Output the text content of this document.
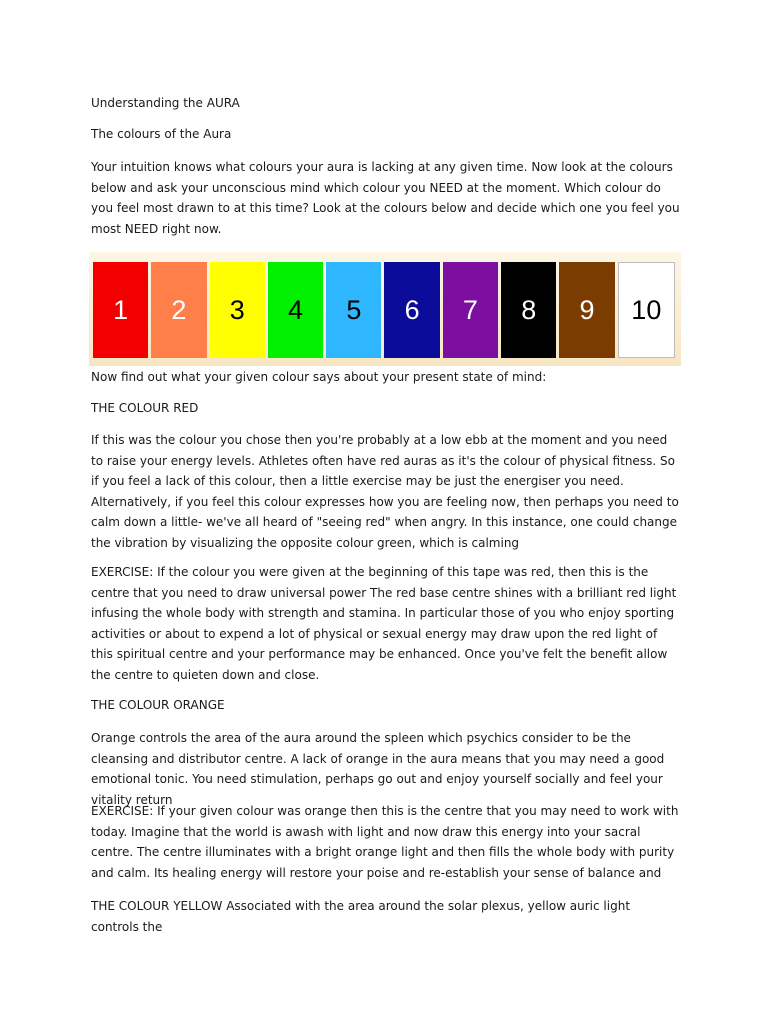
Understanding the AURA

The colours of the Aura

Your intuition knows what colours your aura is lacking at any given time. Now look at the colours below and ask your unconscious mind which colour you NEED at the moment. Which colour do you feel most drawn to at this time? Look at the colours below and decide which one you feel you most NEED right now.

1	2	3	4	5	6	7	8	9	10

Now find out what your given colour says about your present state of mind:

THE COLOUR RED

If this was the colour you chose then you're probably at a low ebb at the moment and you need to raise your energy levels. Athletes often have red auras as it's the colour of physical fitness. So if you feel a lack of this colour, then a little exercise may be just the energiser you need. Alternatively, if you feel this colour expresses how you are feeling now, then perhaps you need to calm down a little- we've all heard of "seeing red" when angry. In this instance, one could change the vibration by visualizing the opposite colour green, which is calming

EXERCISE: If the colour you were given at the beginning of this tape was red, then this is the centre that you need to draw universal power The red base centre shines with a brilliant red light infusing the whole body with strength and stamina. In particular those of you who enjoy sporting activities or about to expend a lot of physical or sexual energy may draw upon the red light of this spiritual centre and your performance may be enhanced. Once you've felt the benefit allow the centre to quieten down and close.

THE COLOUR ORANGE

Orange controls the area of the aura around the spleen which psychics consider to be the cleansing and distributor centre. A lack of orange in the aura means that you may need a good emotional tonic. You need stimulation, perhaps go out and enjoy yourself socially and feel your vitality return

EXERCISE: If your given colour was orange then this is the centre that you may need to work with today. Imagine that the world is awash with light and now draw this energy into your sacral centre. The centre illuminates with a bright orange light and then fills the whole body with purity and calm. Its healing energy will restore your poise and re-establish your sense of balance and

THE COLOUR YELLOW Associated with the area around the solar plexus, yellow auric light controls the
